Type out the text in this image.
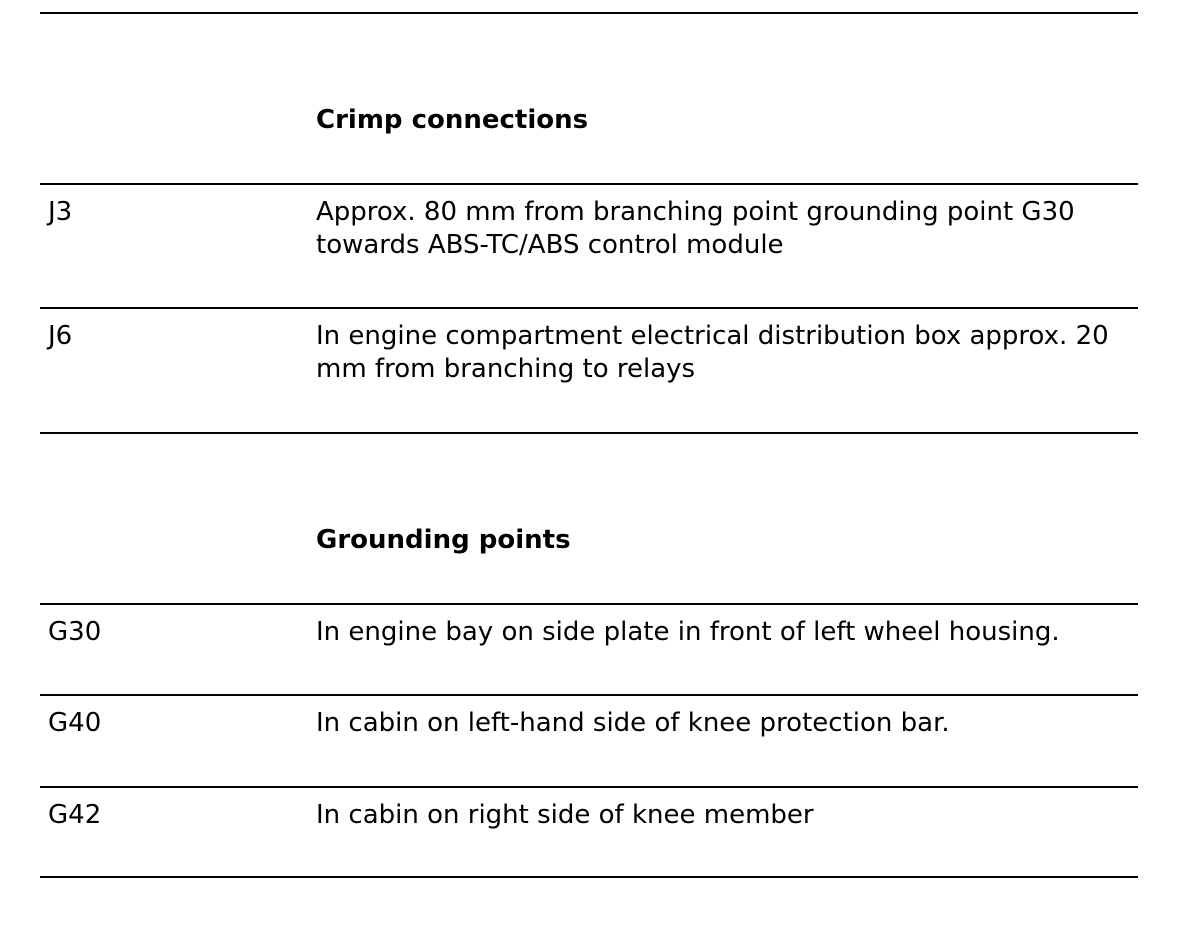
Crimp connections
J3	Approx. 80 mm from branching point grounding point G30 towards ABS-TC/ABS control module
J6	In engine compartment electrical distribution box approx. 20 mm from branching to relays
Grounding points
G30	In engine bay on side plate in front of left wheel housing.
G40	In cabin on left-hand side of knee protection bar.
G42	In cabin on right side of knee member
